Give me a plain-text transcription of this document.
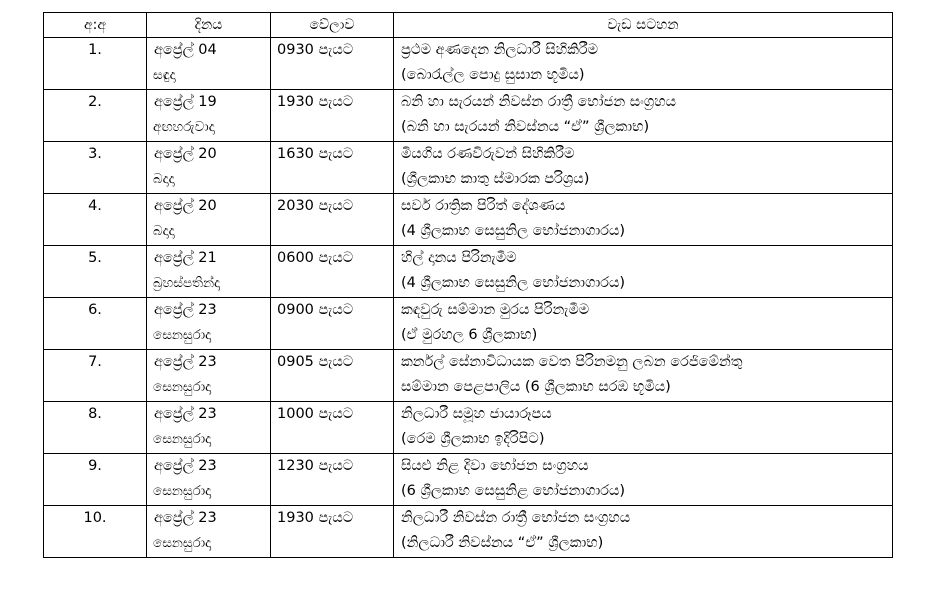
අ:අ	දිනය	වේලාව	වැඩ සටහන

1.	අප්‍රේල් 04
සඳුදා	0930 පැයට	ප්‍රථම අණදෙන නිලධාරී සිහිකිරීම
(බොරැල්ල පොදු සුසාන භූමිය)

2.	අප්‍රේල් 19
අඟහරුවාදා	1930 පැයට	බනි හා සැරයන් නිවස්න රාත්‍රී භෝජන සංග්‍රහය
(බනි හා සැරයන් නිවස්නය “ඒ” ශ්‍රීලකාභ)

3.	අප්‍රේල් 20
බදාදා	1630 පැයට	මියගිය රණවිරුවන් සිහිකිරීම
(ශ්‍රීලකාභ කාතු ස්මාරක පරිශ්‍රය)

4.	අප්‍රේල් 20
බදාදා	2030 පැයට	සර්ව රාත්‍රික පිරිත් දේශණය
(4 ශ්‍රීලකාභ සෙසුනිල භෝජනාගාරය)

5.	අප්‍රේල් 21
බ්‍රහස්පතින්දා	0600 පැයට	හිල් දානය පිරිනැමීම
(4 ශ්‍රීලකාභ සෙසුනිල භෝජනාගාරය)

6.	අප්‍රේල් 23
සෙනසුරාදා	0900 පැයට	කඳවුරු සම්මාන මුරය පිරිනැමීම
(ඒ මුරහල 6 ශ්‍රීලකාභ)

7.	අප්‍රේල් 23
සෙනසුරාදා	0905 පැයට	කර්නල් සේනාවිධායක වෙත පිරිනමනු ලබන රෙජිමේන්තු
සම්මාන පෙළපාලිය (6 ශ්‍රීලකාභ සරඹ භූමිය)

8.	අප්‍රේල් 23
සෙනසුරාදා	1000 පැයට	නිලධාරී සමූහ ජායාරූපය
(රෙම ශ්‍රීලකාභ ඉදිරිපිට)

9.	අප්‍රේල් 23
සෙනසුරාදා	1230 පැයට	සියළු නිළ දිවා භෝජන සංග්‍රහය
(6 ශ්‍රීලකාභ සෙසුනිළ භෝජනාගාරය)

10.	අප්‍රේල් 23
සෙනසුරාදා	1930 පැයට	නිලධාරී නිවස්න රාත්‍රී භෝජන සංග්‍රහය
(නිලධාරී නිවස්නය “ඒ” ශ්‍රීලකාභ)
